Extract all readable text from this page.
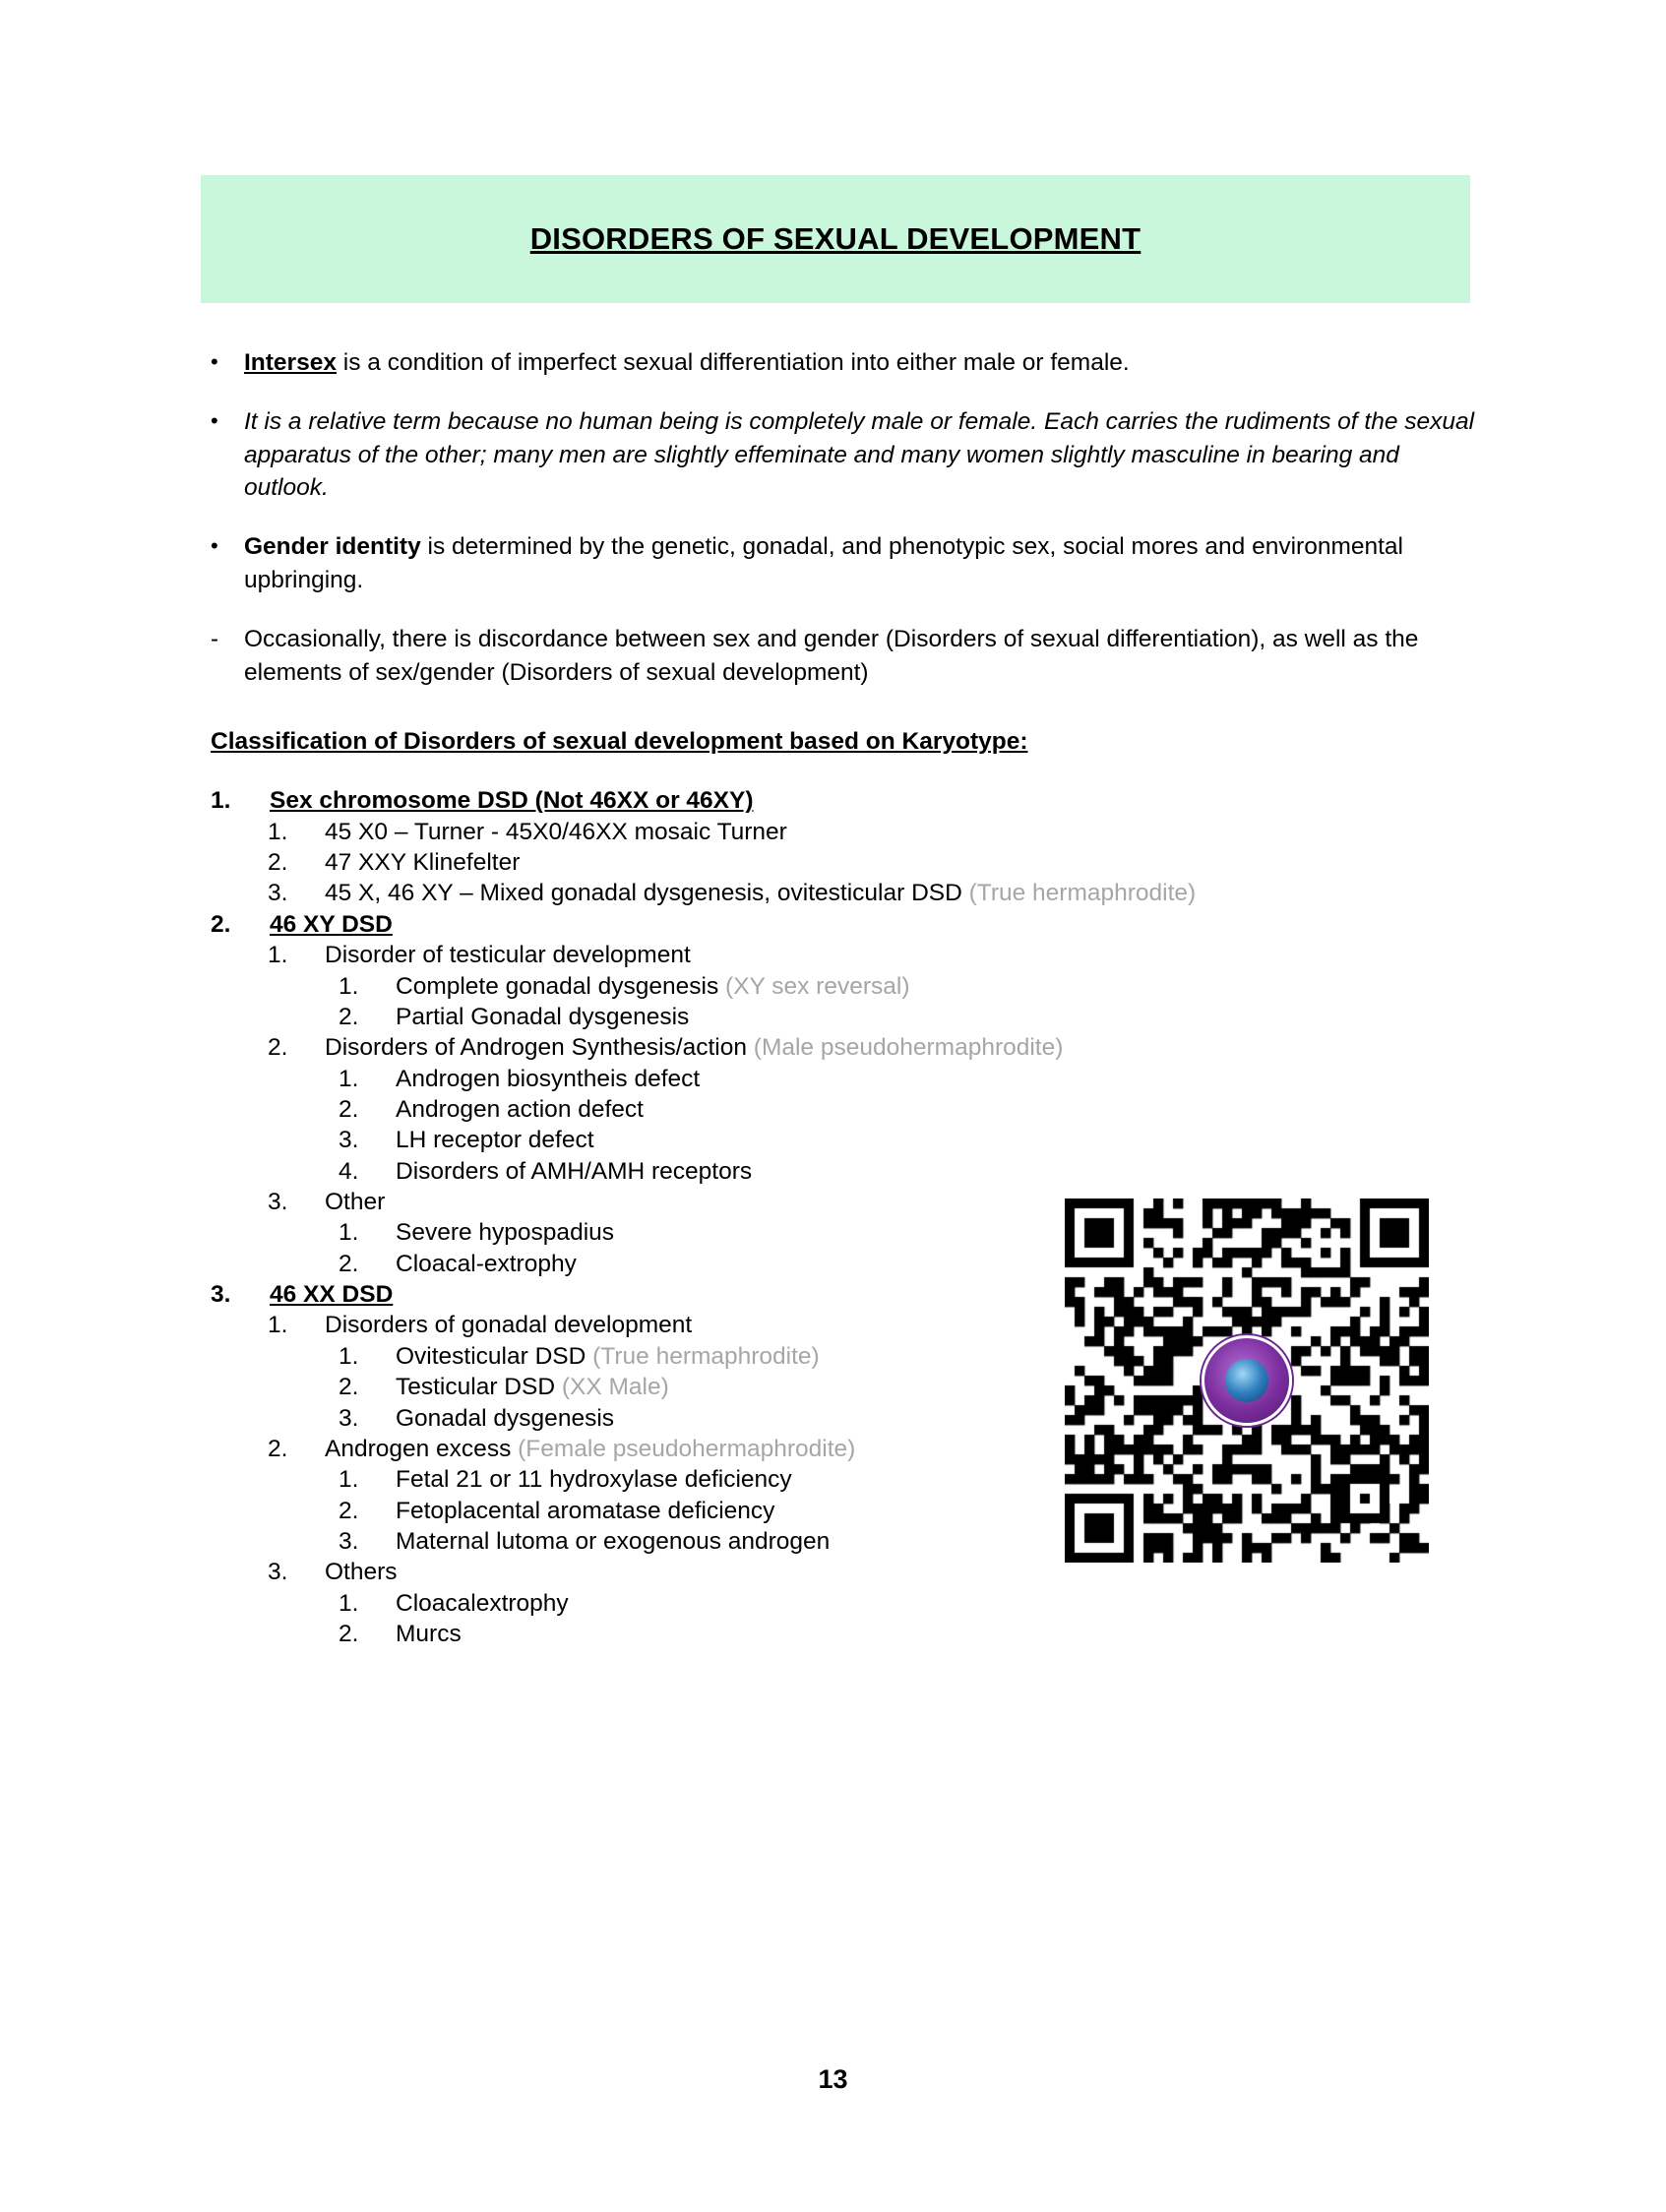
DISORDERS OF SEXUAL DEVELOPMENT
•	Intersex is a condition of imperfect sexual differentiation into either male or female.
•	It is a relative term because no human being is completely male or female. Each carries the rudiments of the sexual apparatus of the other; many men are slightly effeminate and many women slightly masculine in bearing and outlook.
•	Gender identity is determined by the genetic, gonadal, and phenotypic sex, social mores and environmental upbringing.
-	Occasionally, there is discordance between sex and gender (Disorders of sexual differentiation), as well as the elements of sex/gender (Disorders of sexual development)
Classification of Disorders of sexual development based on Karyotype:
1.	Sex chromosome DSD (Not 46XX or 46XY)
1.	45 X0 – Turner - 45X0/46XX mosaic Turner
2.	47 XXY Klinefelter
3.	45 X, 46 XY – Mixed gonadal dysgenesis, ovitesticular DSD (True hermaphrodite)
2.	46 XY DSD
1.	Disorder of testicular development
1.	Complete gonadal dysgenesis (XY sex reversal)
2.	Partial Gonadal dysgenesis
2.	Disorders of Androgen Synthesis/action (Male pseudohermaphrodite)
1.	Androgen biosyntheis defect
2.	Androgen action defect
3.	LH receptor defect
4.	Disorders of AMH/AMH receptors
3.	Other
1.	Severe hypospadius
2.	Cloacal-extrophy
3.	46 XX DSD
1.	Disorders of gonadal development
1.	Ovitesticular DSD (True hermaphrodite)
2.	Testicular DSD (XX Male)
3.	Gonadal dysgenesis
2.	Androgen excess (Female pseudohermaphrodite)
1.	Fetal 21 or 11 hydroxylase deficiency
2.	Fetoplacental aromatase deficiency
3.	Maternal lutoma or exogenous androgen
3.	Others
1.	Cloacalextrophy
2.	Murcs
13
